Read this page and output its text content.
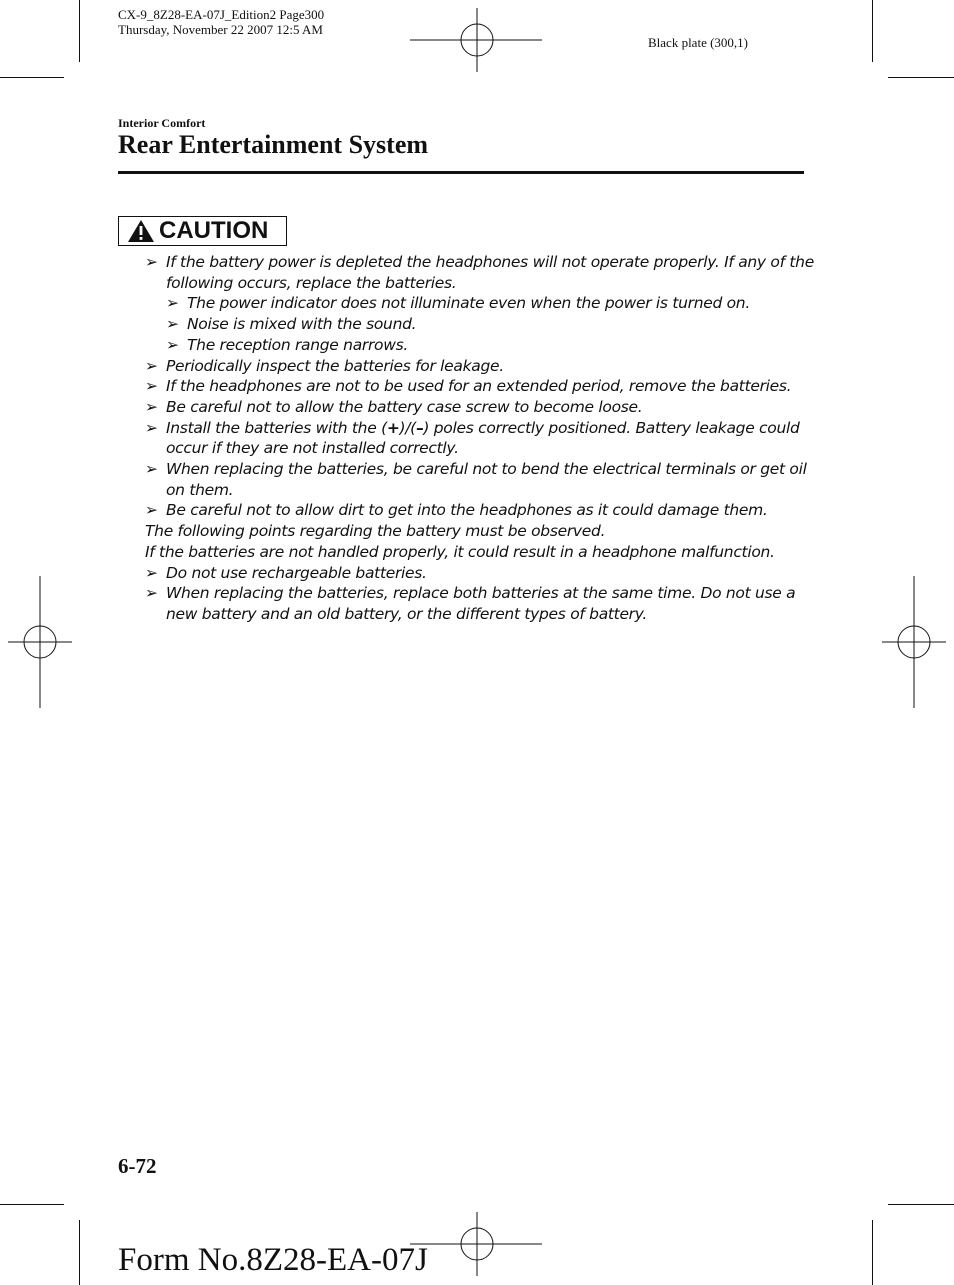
CX-9_8Z28-EA-07J_Edition2 Page300
Thursday, November 22 2007 12:5 AM
Black plate (300,1)
Interior Comfort
Rear Entertainment System
CAUTION
➢ If the battery power is depleted the headphones will not operate properly. If any of the following occurs, replace the batteries.
➢ The power indicator does not illuminate even when the power is turned on.
➢ Noise is mixed with the sound.
➢ The reception range narrows.
➢ Periodically inspect the batteries for leakage.
➢ If the headphones are not to be used for an extended period, remove the batteries.
➢ Be careful not to allow the battery case screw to become loose.
➢ Install the batteries with the (+)/(–) poles correctly positioned. Battery leakage could occur if they are not installed correctly.
➢ When replacing the batteries, be careful not to bend the electrical terminals or get oil on them.
➢ Be careful not to allow dirt to get into the headphones as it could damage them.
The following points regarding the battery must be observed.
If the batteries are not handled properly, it could result in a headphone malfunction.
➢ Do not use rechargeable batteries.
➢ When replacing the batteries, replace both batteries at the same time. Do not use a new battery and an old battery, or the different types of battery.
6-72
Form No.8Z28-EA-07J
